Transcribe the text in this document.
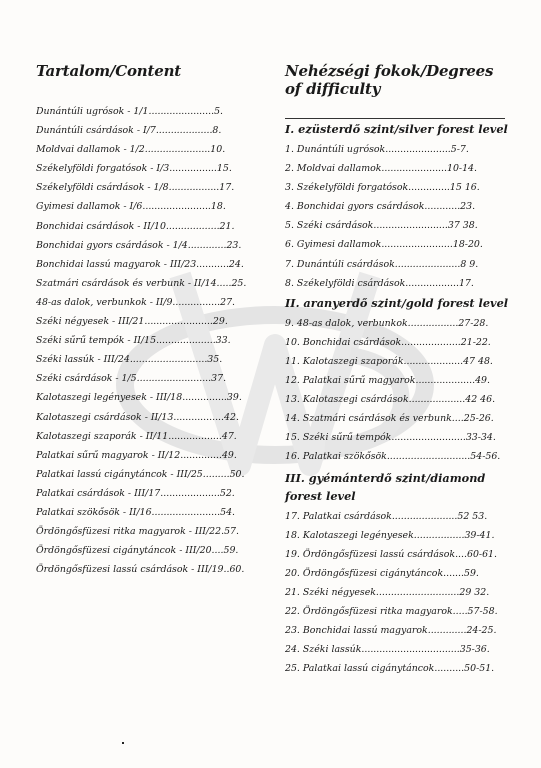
Tartalom/Content
Dunántúli ugrósok - 1/1......................5.
Dunántúli csárdások - I/7...................8.
Moldvai dallamok - 1/2......................10.
Székelyföldi forgatósok - I/3................15.
Székelyföldi csárdások - 1/8.................17.
Gyimesi dallamok - I/6.......................18.
Bonchidai csárdások - II/10..................21.
Bonchidai gyors csárdások - 1/4.............23.
Bonchidai lassú magyarok - III/23...........24.
Szatmári csárdások és verbunk - II/14.....25.
48-as dalok, verbunkok - II/9................27.
Széki négyesek - III/21.......................29.
Széki sűrű tempók - II/15....................33.
Széki lassúk - III/24..........................35.
Széki csárdások - 1/5.........................37.
Kalotaszegi legényesek - III/18...............39.
Kalotaszegi csárdások - II/13.................42.
Kalotaszegi szaporák - II/11..................47.
Palatkai sűrű magyarok - II/12..............49.
Palatkai lassú cigánytáncok - III/25.........50.
Palatkai csárdások - III/17....................52.
Palatkai szökősök - II/16.......................54.
Ördöngősfüzesi ritka magyarok - III/22.57.
Ördöngősfüzesi cigánytáncok - III/20....59.
Ördöngősfüzesi lassú csárdások - III/19..60.
Nehézségi fokok/Degrees of difficulty
I. ezüsterdő szint/silver forest level
1. Dunántúli ugrósok......................5-7.
2. Moldvai dallamok......................10-14.
3. Székelyföldi forgatósok..............15 16.
4. Bonchidai gyors csárdások............23.
5. Széki csárdások.........................37 38.
6. Gyimesi dallamok........................18-20.
7. Dunántúli csárdások......................8 9.
8. Székelyföldi csárdások..................17.
II. aranyerdő szint/gold forest level
9. 48-as dalok, verbunkok.................27-28.
10. Bonchidai csárdások....................21-22.
11. Kalotaszegi szaporák....................47 48.
12. Palatkai sűrű magyarok....................49.
13. Kalotaszegi csárdások...................42 46.
14. Szatmári csárdások és verbunk....25-26.
15. Széki sűrű tempók.........................33-34.
16. Palatkai szökősök............................54-56.
III. gyémánterdő szint/diamond forest level
17. Palatkai csárdások......................52 53.
18. Kalotaszegi legényesek.................39-41.
19. Ördöngősfüzesi lassú csárdások....60-61.
20. Ördöngősfüzesi cigánytáncok.......59.
21. Széki négyesek............................29 32.
22. Ördöngősfüzesi ritka magyarok.....57-58.
23. Bonchidai lassú magyarok.............24-25.
24. Széki lassúk.................................35-36.
25. Palatkai lassú cigánytáncok..........50-51.
